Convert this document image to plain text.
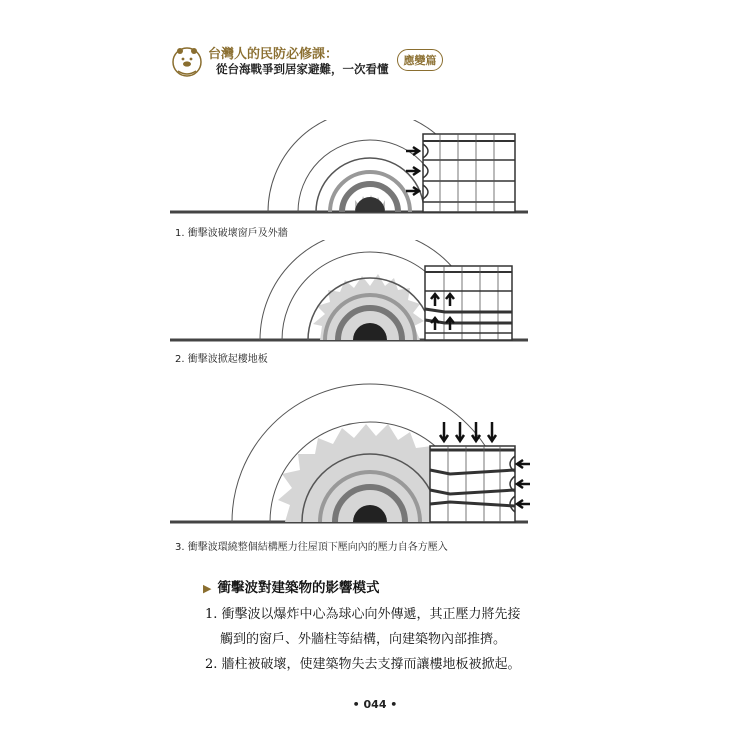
台灣人的民防必修課：
從台海戰爭到居家避難，一次看懂
應變篇
1. 衝擊波破壞窗戶及外牆
2. 衝擊波掀起樓地板
3. 衝擊波環繞整個結構壓力往屋頂下壓向內的壓力自各方壓入
▶ 衝擊波對建築物的影響模式
1. 衝擊波以爆炸中心為球心向外傳遞，其正壓力將先接
觸到的窗戶、外牆柱等結構，向建築物內部推擠。
2. 牆柱被破壞，使建築物失去支撐而讓樓地板被掀起。
• 044 •
